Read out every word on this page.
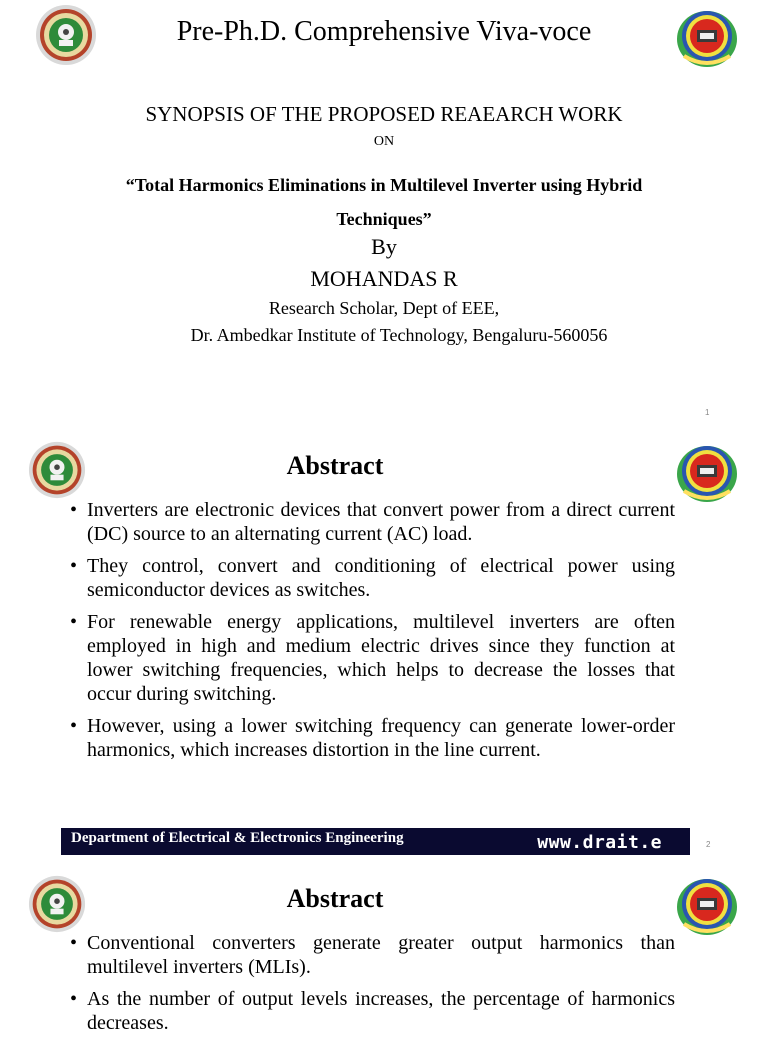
Pre-Ph.D. Comprehensive Viva-voce
SYNOPSIS OF THE PROPOSED REAEARCH WORK
ON
“Total Harmonics Eliminations in Multilevel Inverter using Hybrid Techniques”
By
MOHANDAS R
Research Scholar, Dept of EEE,
Dr. Ambedkar Institute of Technology, Bengaluru-560056
1
Abstract
• Inverters are electronic devices that convert power from a direct current (DC) source to an alternating current (AC) load.
• They control, convert and conditioning of electrical power using semiconductor devices as switches.
• For renewable energy applications, multilevel inverters are often employed in high and medium electric drives since they function at lower switching frequencies, which helps to decrease the losses that occur during switching.
• However, using a lower switching frequency can generate lower-order harmonics, which increases distortion in the line current.
Department of Electrical & Electronics Engineering	www.drait.e	2
Abstract
• Conventional converters generate greater output harmonics than multilevel inverters (MLIs).
• As the number of output levels increases, the percentage of harmonics decreases.
